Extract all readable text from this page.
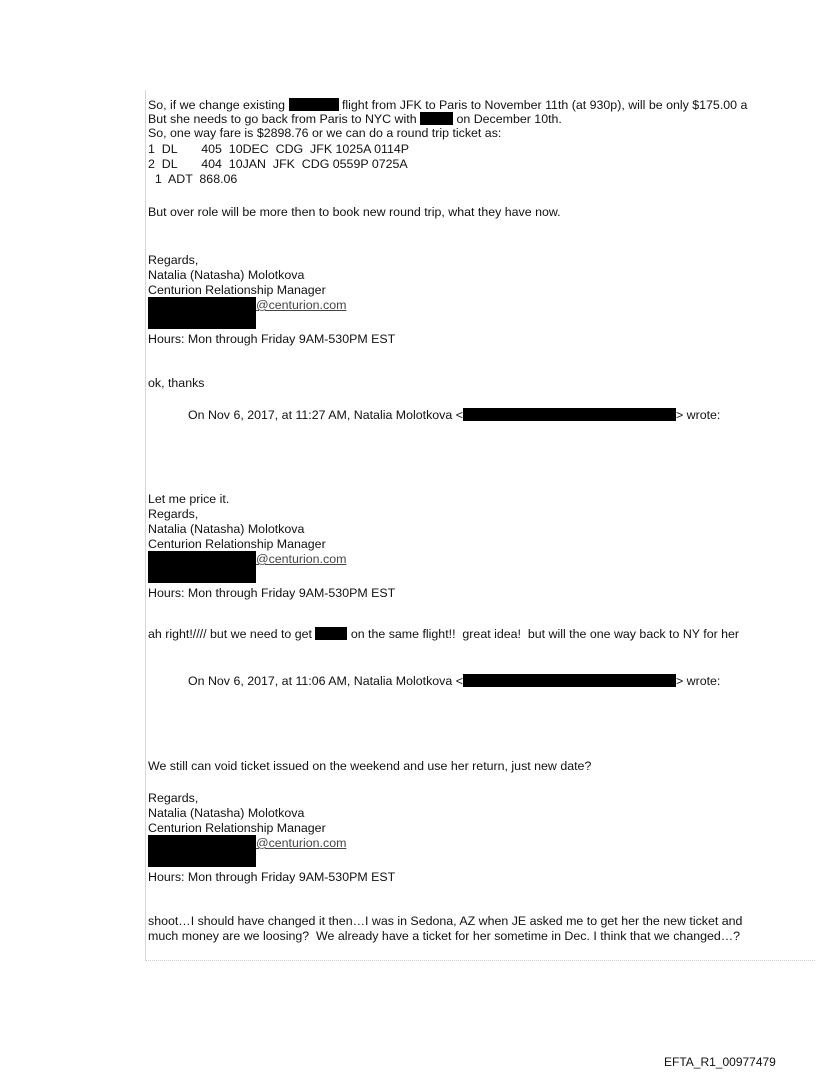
So, if we change existing	flight from JFK to Paris to November 11th (at 930p), will be only $175.00 a
But she needs to go back from Paris to NYC with	on December 10th.
So, one way fare is $2898.76 or we can do a round trip ticket as:
1  DL       405  10DEC  CDG  JFK 1025A 0114P
2  DL       404  10JAN  JFK  CDG 0559P 0725A
1  ADT  868.06
But over role will be more then to book new round trip, what they have now.
Regards,
Natalia (Natasha) Molotkova
Centurion Relationship Manager
@centurion.com
Hours: Mon through Friday 9AM-530PM EST
ok, thanks
On Nov 6, 2017, at 11:27 AM, Natalia Molotkova <	> wrote:
Let me price it.
Regards,
Natalia (Natasha) Molotkova
Centurion Relationship Manager
@centurion.com
Hours: Mon through Friday 9AM-530PM EST
ah right!//// but we need to get	on the same flight!!  great idea!  but will the one way back to NY for her
On Nov 6, 2017, at 11:06 AM, Natalia Molotkova <	> wrote:
We still can void ticket issued on the weekend and use her return, just new date?
Regards,
Natalia (Natasha) Molotkova
Centurion Relationship Manager
@centurion.com
Hours: Mon through Friday 9AM-530PM EST
shoot…I should have changed it then…I was in Sedona, AZ when JE asked me to get her the new ticket and
much money are we loosing?  We already have a ticket for her sometime in Dec. I think that we changed…?
EFTA_R1_00977479
